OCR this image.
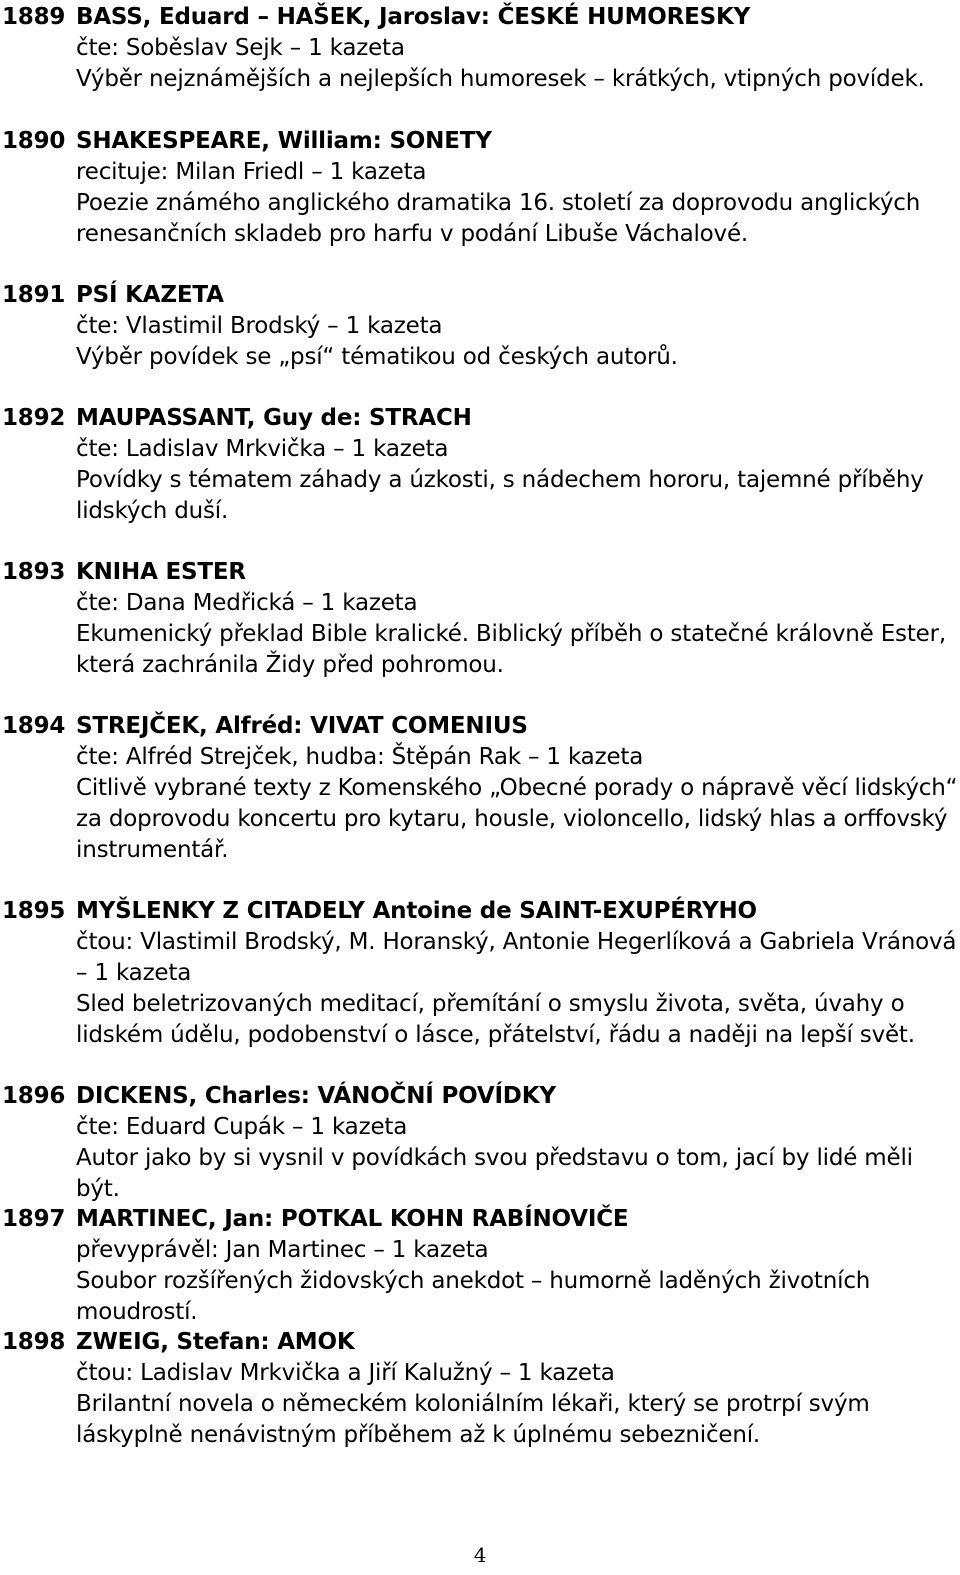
1889 BASS, Eduard – HAŠEK, Jaroslav: ČESKÉ HUMORESKY
čte: Soběslav Sejk – 1 kazeta
Výběr nejznámějších a nejlepších humoresek – krátkých, vtipných povídek.
1890 SHAKESPEARE, William: SONETY
recituje: Milan Friedl – 1 kazeta
Poezie známého anglického dramatika 16. století za doprovodu anglických renesančních skladeb pro harfu v podání Libuše Váchalové.
1891 PSÍ KAZETA
čte: Vlastimil Brodský – 1 kazeta
Výběr povídek se „psí“ tématikou od českých autorů.
1892 MAUPASSANT, Guy de: STRACH
čte: Ladislav Mrkvička – 1 kazeta
Povídky s tématem záhady a úzkosti, s nádechem hororu, tajemné příběhy lidských duší.
1893 KNIHA ESTER
čte: Dana Medřická – 1 kazeta
Ekumenický překlad Bible kralické. Biblický příběh o statečné královně Ester, která zachránila Židy před pohromou.
1894 STREJČEK, Alfréd: VIVAT COMENIUS
čte: Alfréd Strejček, hudba: Štěpán Rak – 1 kazeta
Citlivě vybrané texty z Komenského „Obecné porady o nápravě věcí lidských“ za doprovodu koncertu pro kytaru, housle, violoncello, lidský hlas a orffovský instrumentář.
1895 MYŠLENKY Z CITADELY Antoine de SAINT-EXUPÉRYHO
čtou: Vlastimil Brodský, M. Horanský, Antonie Hegerlíková a Gabriela Vránová – 1 kazeta
Sled beletrizovaných meditací, přemítání o smyslu života, světa, úvahy o lidském údělu, podobenství o lásce, přátelství, řádu a naději na lepší svět.
1896 DICKENS, Charles: VÁNOČNÍ POVÍDKY
čte: Eduard Cupák – 1 kazeta
Autor jako by si vysnil v povídkách svou představu o tom, jací by lidé měli být.
1897 MARTINEC, Jan: POTKAL KOHN RABÍNOVIČE
převyprávěl: Jan Martinec – 1 kazeta
Soubor rozšířených židovských anekdot – humorně laděných životních moudrostí.
1898 ZWEIG, Stefan: AMOK
čtou: Ladislav Mrkvička a Jiří Kalužný – 1 kazeta
Brilantní novela o německém koloniálním lékaři, který se protrpí svým láskyplně nenávistným příběhem až k úplnému sebezničení.
4
